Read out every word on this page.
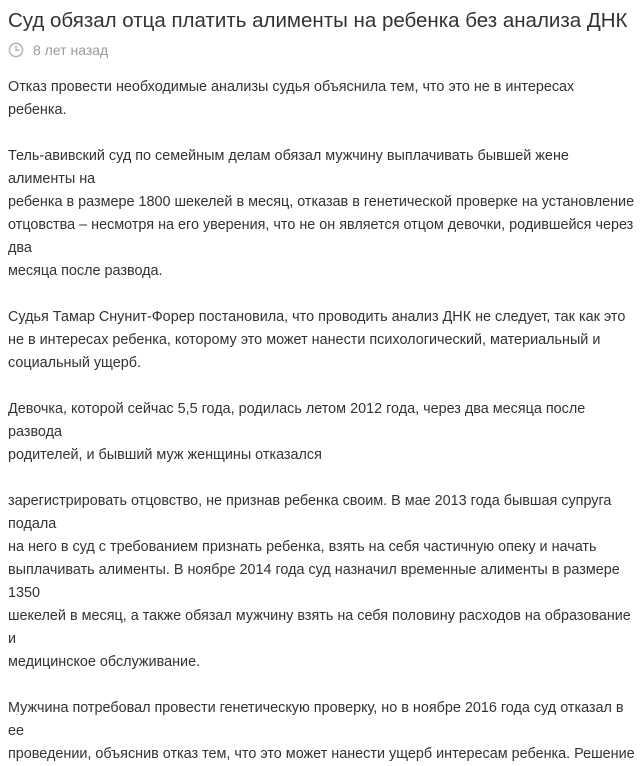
Суд обязал отца платить алименты на ребенка без анализа ДНК
8 лет назад

Отказ провести необходимые анализы судья объяснила тем, что это не в интересах ребенка.

Тель-авивский суд по семейным делам обязал мужчину выплачивать бывшей жене алименты на
ребенка в размере 1800 шекелей в месяц, отказав в генетической проверке на установление
отцовства – несмотря на его уверения, что не он является отцом девочки, родившейся через два
месяца после развода.

Судья Тамар Снунит-Форер постановила, что проводить анализ ДНК не следует, так как это
не в интересах ребенка, которому это может нанести психологический, материальный и
социальный ущерб.

Девочка, которой сейчас 5,5 года, родилась летом 2012 года, через два месяца после развода
родителей, и бывший муж женщины отказался

зарегистрировать отцовство, не признав ребенка своим. В мае 2013 года бывшая супруга подала
на него в суд с требованием признать ребенка, взять на себя частичную опеку и начать
выплачивать алименты. В ноябре 2014 года суд назначил временные алименты в размере 1350
шекелей в месяц, а также обязал мужчину взять на себя половину расходов на образование и
медицинское обслуживание.

Мужчина потребовал провести генетическую проверку, но в ноябре 2016 года суд отказал в ее
проведении, объяснив отказ тем, что это может нанести ущерб интересам ребенка. Решение
